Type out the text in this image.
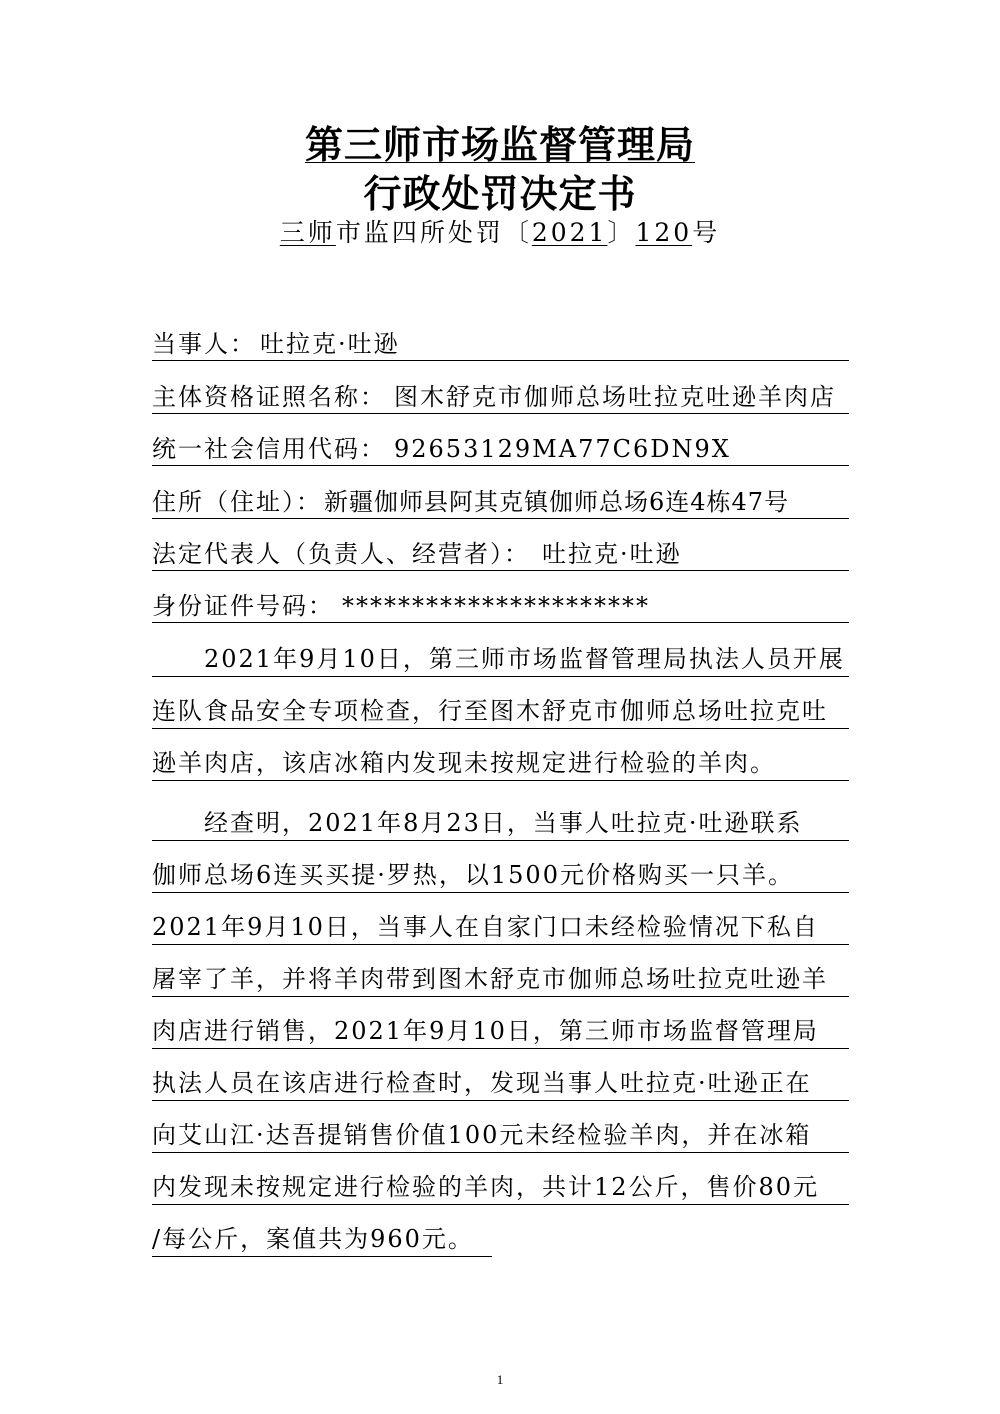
第三师市场监督管理局
行政处罚决定书
三师市监四所处罚〔2021〕120号
当事人： 吐拉克·吐逊
主体资格证照名称： 图木舒克市伽师总场吐拉克吐逊羊肉店
统一社会信用代码： 92653129MA77C6DN9X
住所（住址）： 新疆伽师县阿其克镇伽师总场6连4栋47号
法定代表人（负责人、经营者）： 吐拉克·吐逊
身份证件号码： **********************
2021年9月10日，第三师市场监督管理局执法人员开展
连队食品安全专项检查，行至图木舒克市伽师总场吐拉克吐
逊羊肉店，该店冰箱内发现未按规定进行检验的羊肉。
经查明，2021年8月23日，当事人吐拉克·吐逊联系
伽师总场6连买买提·罗热，以1500元价格购买一只羊。
2021年9月10日，当事人在自家门口未经检验情况下私自
屠宰了羊，并将羊肉带到图木舒克市伽师总场吐拉克吐逊羊
肉店进行销售，2021年9月10日，第三师市场监督管理局
执法人员在该店进行检查时，发现当事人吐拉克·吐逊正在
向艾山江·达吾提销售价值100元未经检验羊肉，并在冰箱
内发现未按规定进行检验的羊肉，共计12公斤，售价80元
/每公斤，案值共为960元。
1
